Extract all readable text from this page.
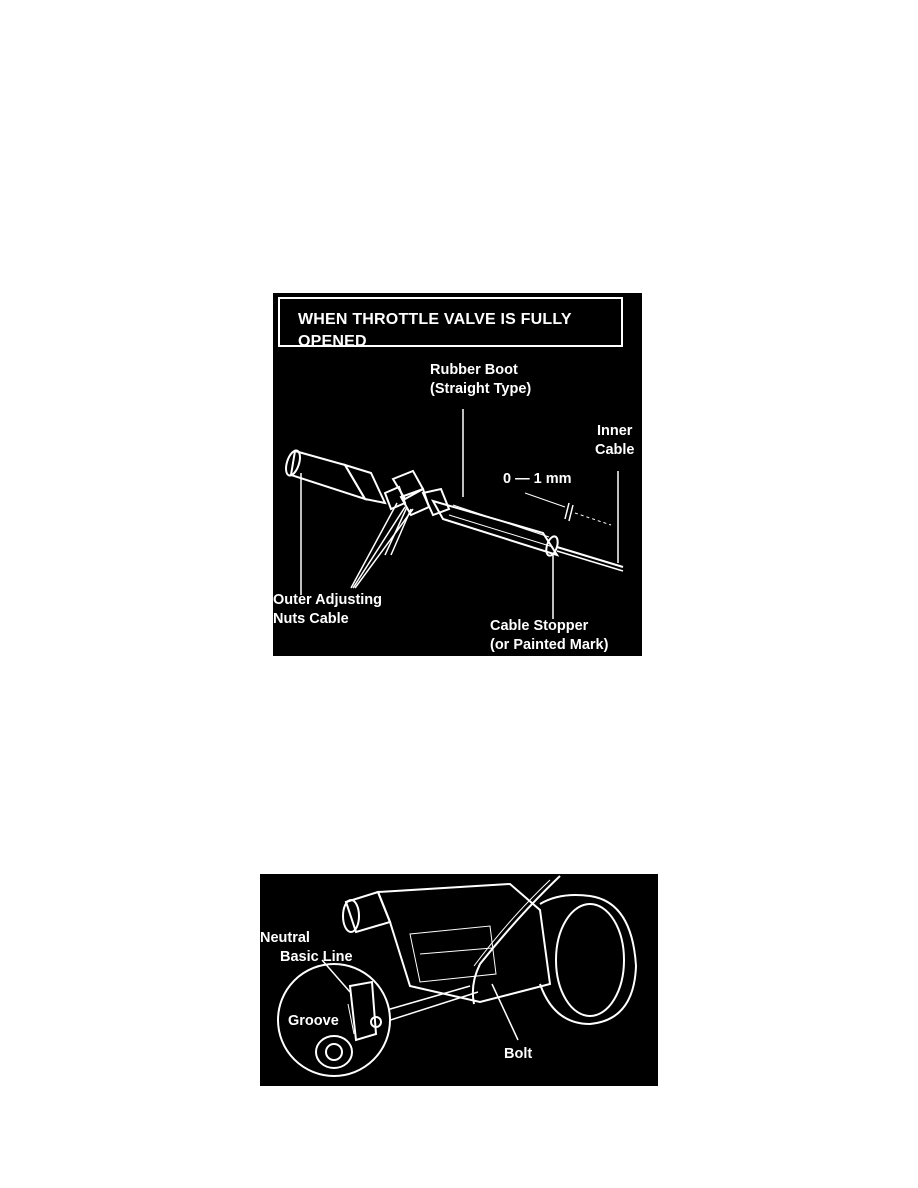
WHEN THROTTLE VALVE IS FULLY OPENED
Rubber Boot
(Straight Type)
Inner
Cable
0 — 1 mm
Outer Adjusting
Nuts Cable	Cable Stopper
(or Painted Mark)
Neutral
Basic Line
Groove
Bolt
